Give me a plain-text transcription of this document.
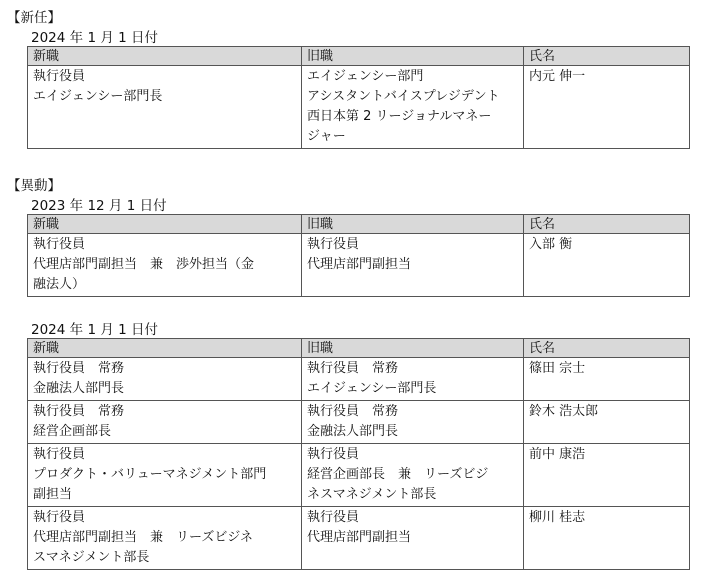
【新任】
2024 年 1 月 1 日付
新職	旧職	氏名

執行役員
エイジェンシー部門長	エイジェンシー部門
アシスタントバイスプレジデント
西日本第 2 リージョナルマネー
ジャー	内元 伸一
【異動】
2023 年 12 月 1 日付
新職	旧職	氏名

執行役員
代理店部門副担当　兼　渉外担当（金
融法人）	執行役員
代理店部門副担当	入部 衡
2024 年 1 月 1 日付
新職	旧職	氏名

執行役員　常務
金融法人部門長	執行役員　常務
エイジェンシー部門長	篠田 宗士

執行役員　常務
経営企画部長	執行役員　常務
金融法人部門長	鈴木 浩太郎

執行役員
プロダクト・バリューマネジメント部門
副担当	執行役員
経営企画部長　兼　リーズビジ
ネスマネジメント部長	前中 康浩

執行役員
代理店部門副担当　兼　リーズビジネ
スマネジメント部長	執行役員
代理店部門副担当	柳川 桂志
